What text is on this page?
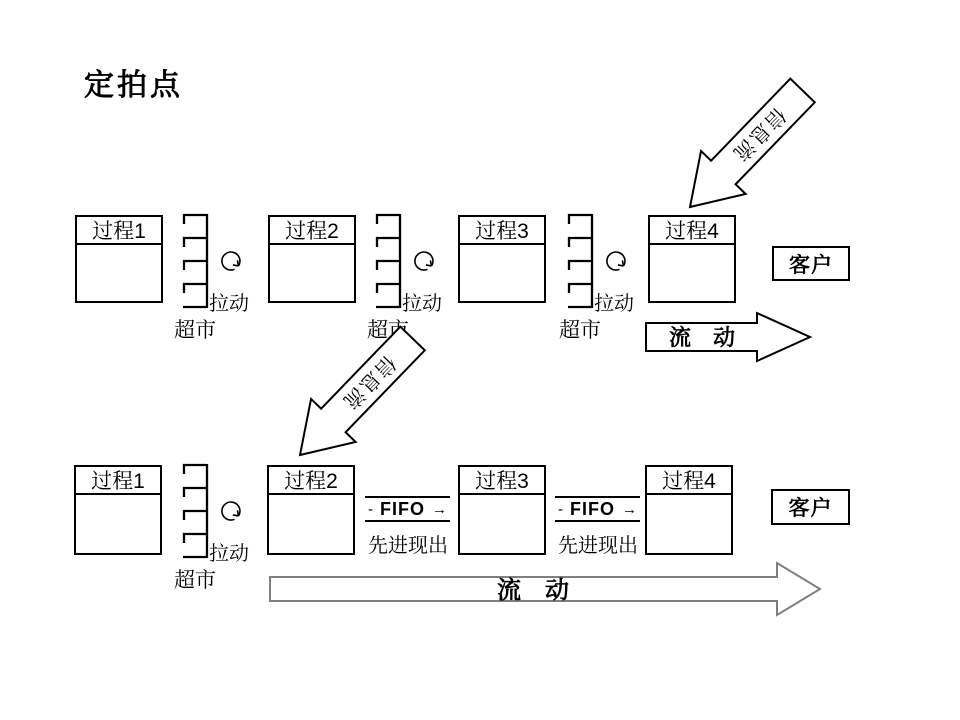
定拍点
过程1	过程2	过程3	过程4
拉动	拉动	拉动
超市	超市	超市
客户
流　动
信息流
过程1	过程2	过程3	过程4
拉动
超市
- FIFO →
先进现出
- FIFO →
先进现出
客户
流　动
信息流
